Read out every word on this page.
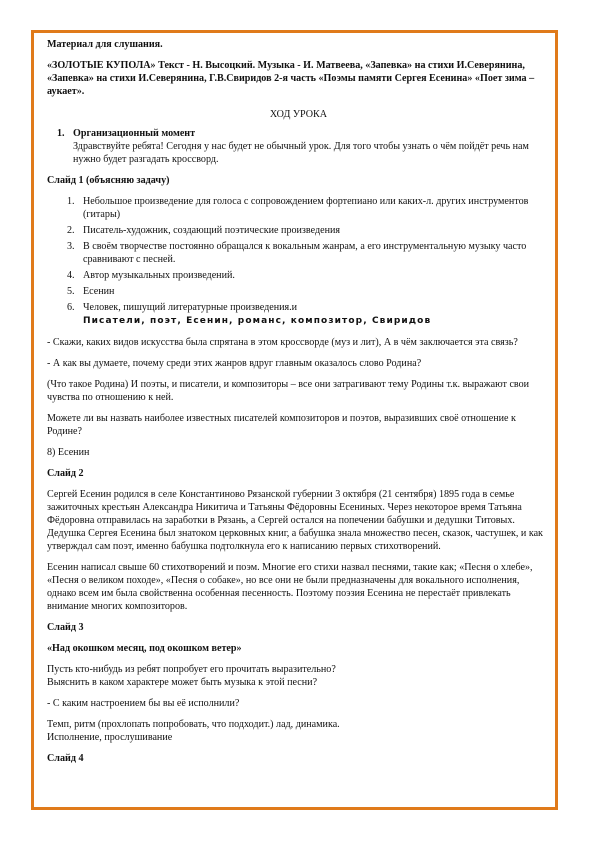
Материал для слушания.

«ЗОЛОТЫЕ КУПОЛА» Текст - Н. Высоцкий. Музыка - И. Матвеева, «Запевка» на стихи И.Северянина, «Запевка» на стихи И.Северянина, Г.В.Свиридов 2-я часть «Поэмы памяти Сергея Есенина» «Поет зима – аукает».

ХОД УРОКА

1. Организационный момент
Здравствуйте ребята! Сегодня у нас будет не обычный урок. Для того чтобы узнать о чём пойдёт речь нам нужно будет разгадать кроссворд.

Слайд 1 (объясняю задачу)

1. Небольшое произведение для голоса с сопровождением фортепиано или каких-л. других инструментов (гитары)
2. Писатель-художник, создающий поэтические произведения
3. В своём творчестве постоянно обращался к вокальным жанрам, а его инструментальную музыку часто сравнивают с песней.
4. Автор музыкальных произведений.
5. Есенин
6. Человек, пишущий литературные произведения.и
Писатели, поэт, Есенин, романс, композитор, Свиридов

- Скажи, каких видов искусства была спрятана в этом кроссворде (муз и лит), А в чём заключается эта связь?

- А как вы думаете, почему среди этих жанров вдруг главным оказалось слово Родина?

(Что такое Родина) И поэты, и писатели, и композиторы – все они затрагивают тему Родины т.к. выражают свои чувства по отношению к ней.

Можете ли вы назвать наиболее известных писателей композиторов и поэтов, выразивших своё отношение к Родине?

8) Есенин

Слайд 2

Сергей Есенин родился в селе Константиново Рязанской губернии 3 октября (21 сентября) 1895 года в семье зажиточных крестьян Александра Никитича и Татьяны Фёдоровны Есениных. Через некоторое время Татьяна Фёдоровна отправилась на заработки в Рязань, а Сергей остался на попечении бабушки и дедушки Титовых. Дедушка Сергея Есенина был знатоком церковных книг, а бабушка знала множество песен, сказок, частушек, и как утверждал сам поэт, именно бабушка подтолкнула его к написанию первых стихотворений.

Есенин написал свыше 60 стихотворений и поэм. Многие его стихи назвал песнями, такие как; «Песня о хлебе», «Песня о великом походе», «Песня о собаке», но все они не были предназначены для вокального исполнения, однако всем им была свойственна особенная песенность. Поэтому поэзия Есенина не перестаёт привлекать внимание многих композиторов.

Слайд 3

«Над окошком месяц, под окошком ветер»

Пусть кто-нибудь из ребят попробует его прочитать выразительно?
Выяснить в каком характере может быть музыка к этой песни?

- С каким настроением бы вы её исполнили?

Темп, ритм (прохлопать попробовать, что подходит.) лад, динамика.
Исполнение, прослушивание

Слайд 4
